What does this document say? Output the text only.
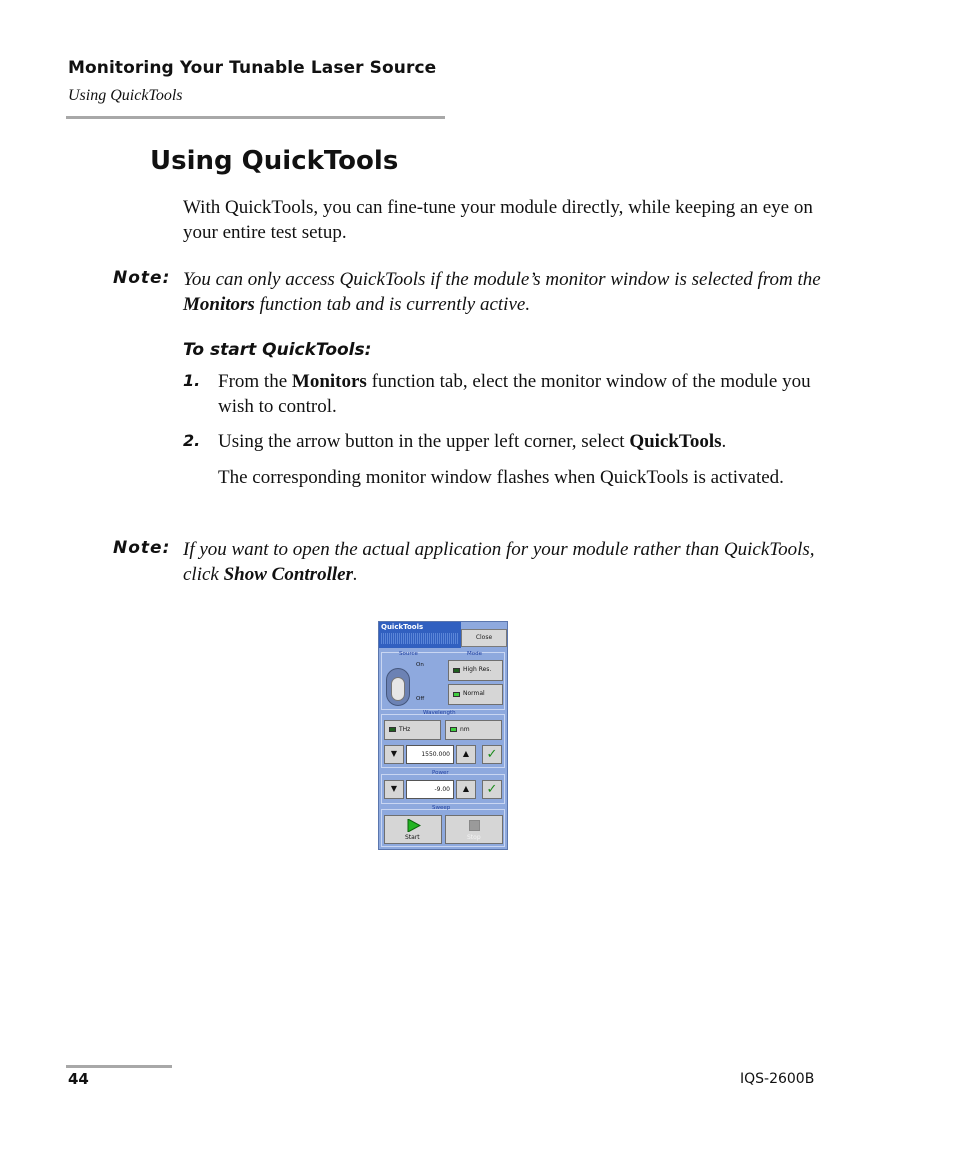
Monitoring Your Tunable Laser Source
Using QuickTools
Using QuickTools
With QuickTools, you can fine-tune your module directly, while keeping an eye on your entire test setup.
Note: You can only access QuickTools if the module’s monitor window is selected from the Monitors function tab and is currently active.
To start QuickTools:
1. From the Monitors function tab, elect the monitor window of the module you wish to control.
2. Using the arrow button in the upper left corner, select QuickTools.
The corresponding monitor window flashes when QuickTools is activated.
Note: If you want to open the actual application for your module rather than QuickTools, click Show Controller.
QuickTools
Close
Source	Mode
On
Off
High Res.
Normal
Wavelength
THz	nm
▼	1550.000	▲	✓
Power
▼	-9.00	▲	✓
Sweep
Start	Stop
44	IQS-2600B
